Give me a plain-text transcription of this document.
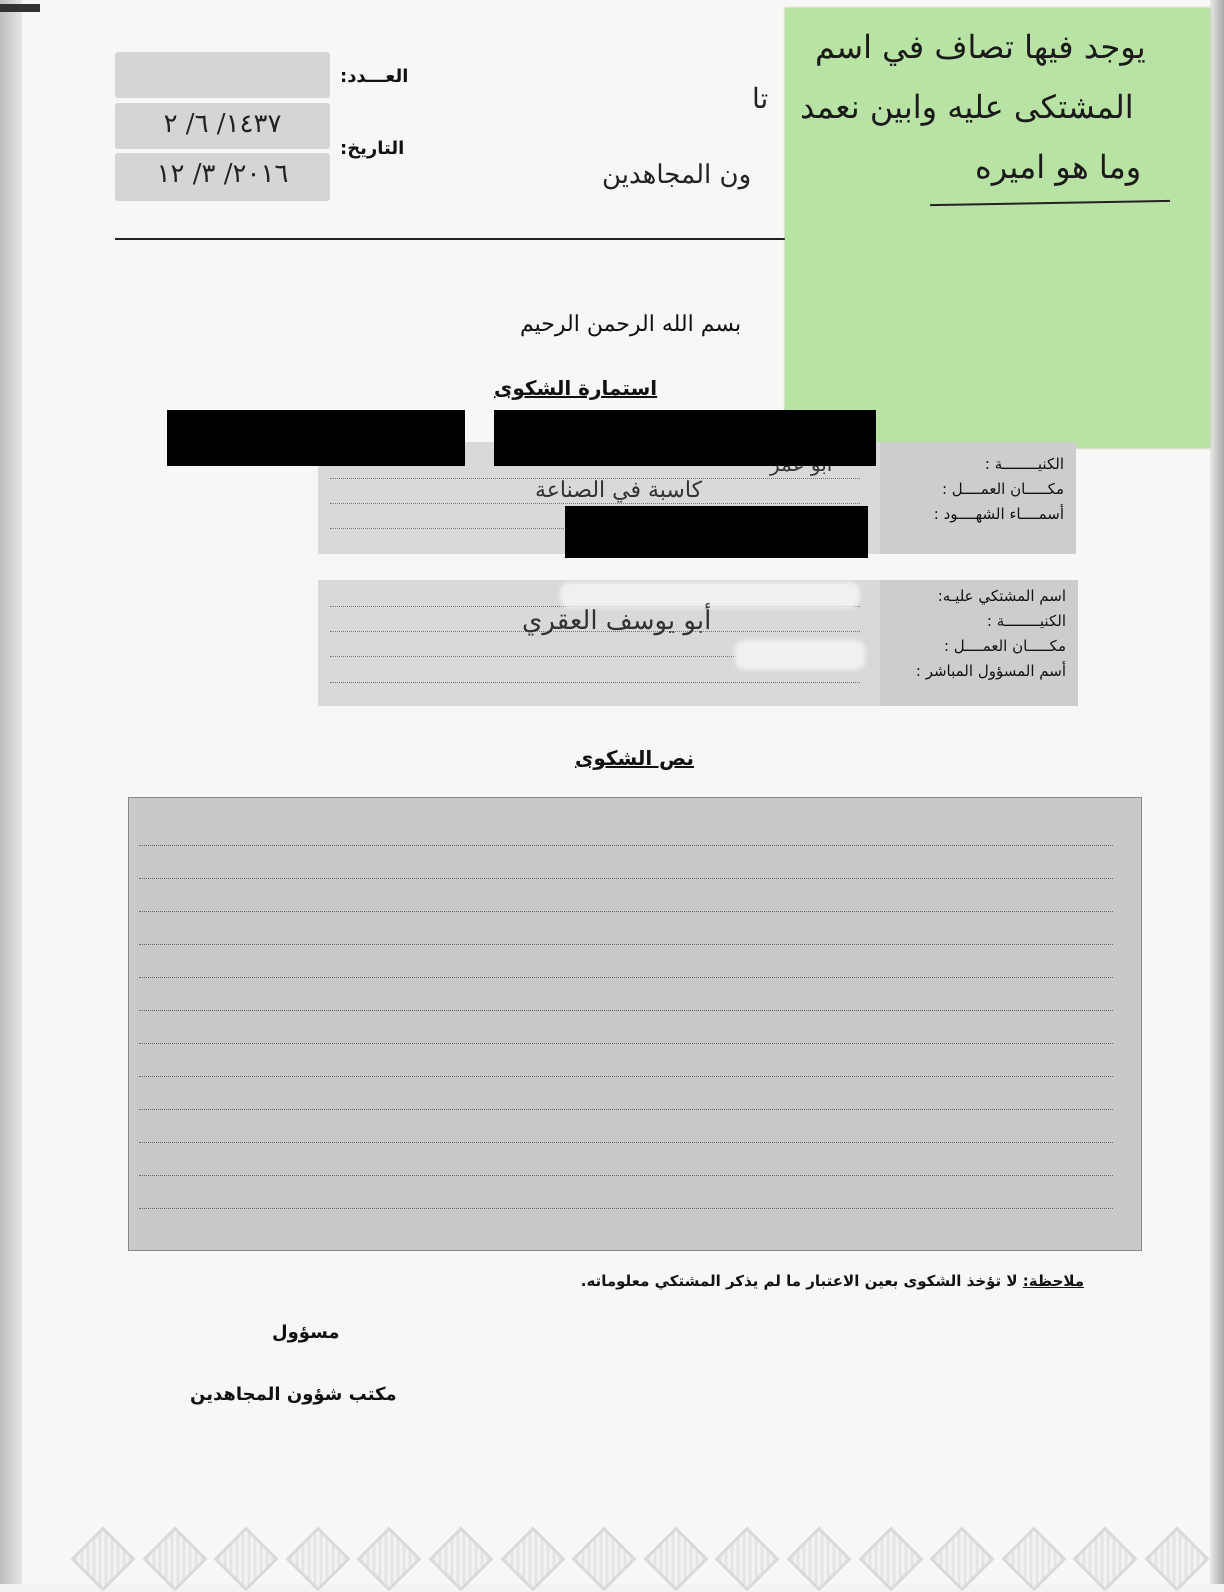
العـــدد:
التاريخ:
١٤٣٧/ ٦/ ٢
٢٠١٦/ ٣/ ١٢
تا
ون المجاهدين
يوجد فيها تصاف في اسم
المشتكى عليه وابين نعمد
وما هو اميره
بسم الله الرحمن الرحيم
استمارة الشكوى
الكنيــــــــة :
مكـــــان العمــــل :
أسمــــاء الشهــــود :
كاسبة في الصناعة
اسم المشتكي عليـه:
الكنيــــــــة :
مكـــــان العمــــل :
أسم المسؤول المباشر :
أبو يوسف العقري
نص الشكوى
ملاحظة: لا تؤخذ الشكوى بعين الاعتبار ما لم يذكر المشتكي معلوماته.
مسؤول
مكتب شؤون المجاهدين
